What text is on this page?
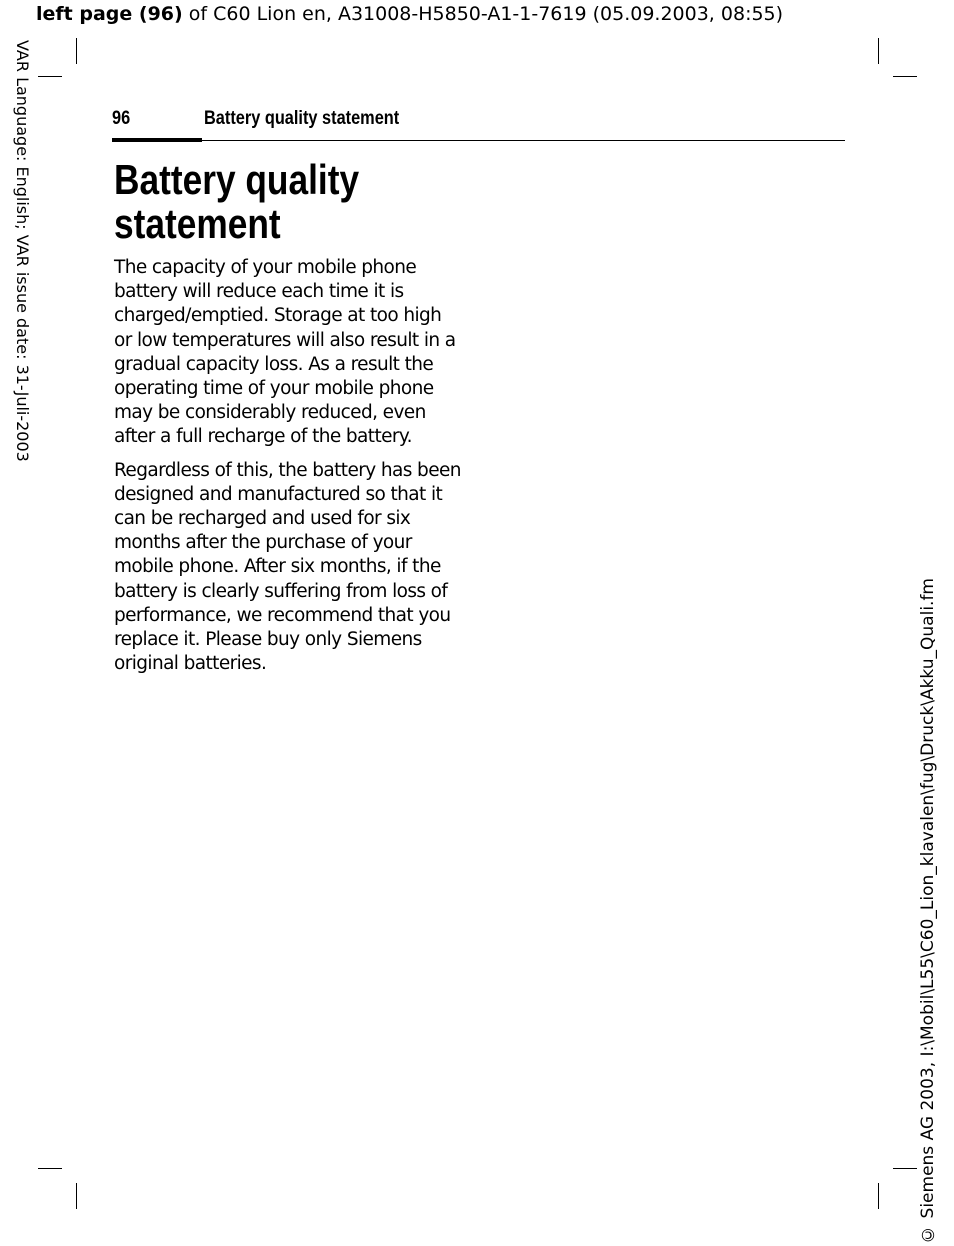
left page (96) of C60 Lion en, A31008-H5850-A1-1-7619 (05.09.2003, 08:55)
VAR Language: English; VAR issue date: 31-Juli-2003
© Siemens AG 2003, I:\Mobil\L55\C60_Lion_klavalen\fug\Druck\Akku_Quali.fm
96	Battery quality statement
Battery quality statement

The capacity of your mobile phone battery will reduce each time it is charged/emptied. Storage at too high or low temperatures will also result in a gradual capacity loss. As a result the operating time of your mobile phone may be considerably reduced, even after a full recharge of the battery.

Regardless of this, the battery has been designed and manufactured so that it can be recharged and used for six months after the purchase of your mobile phone. After six months, if the battery is clearly suffering from loss of performance, we recommend that you replace it. Please buy only Siemens original batteries.
